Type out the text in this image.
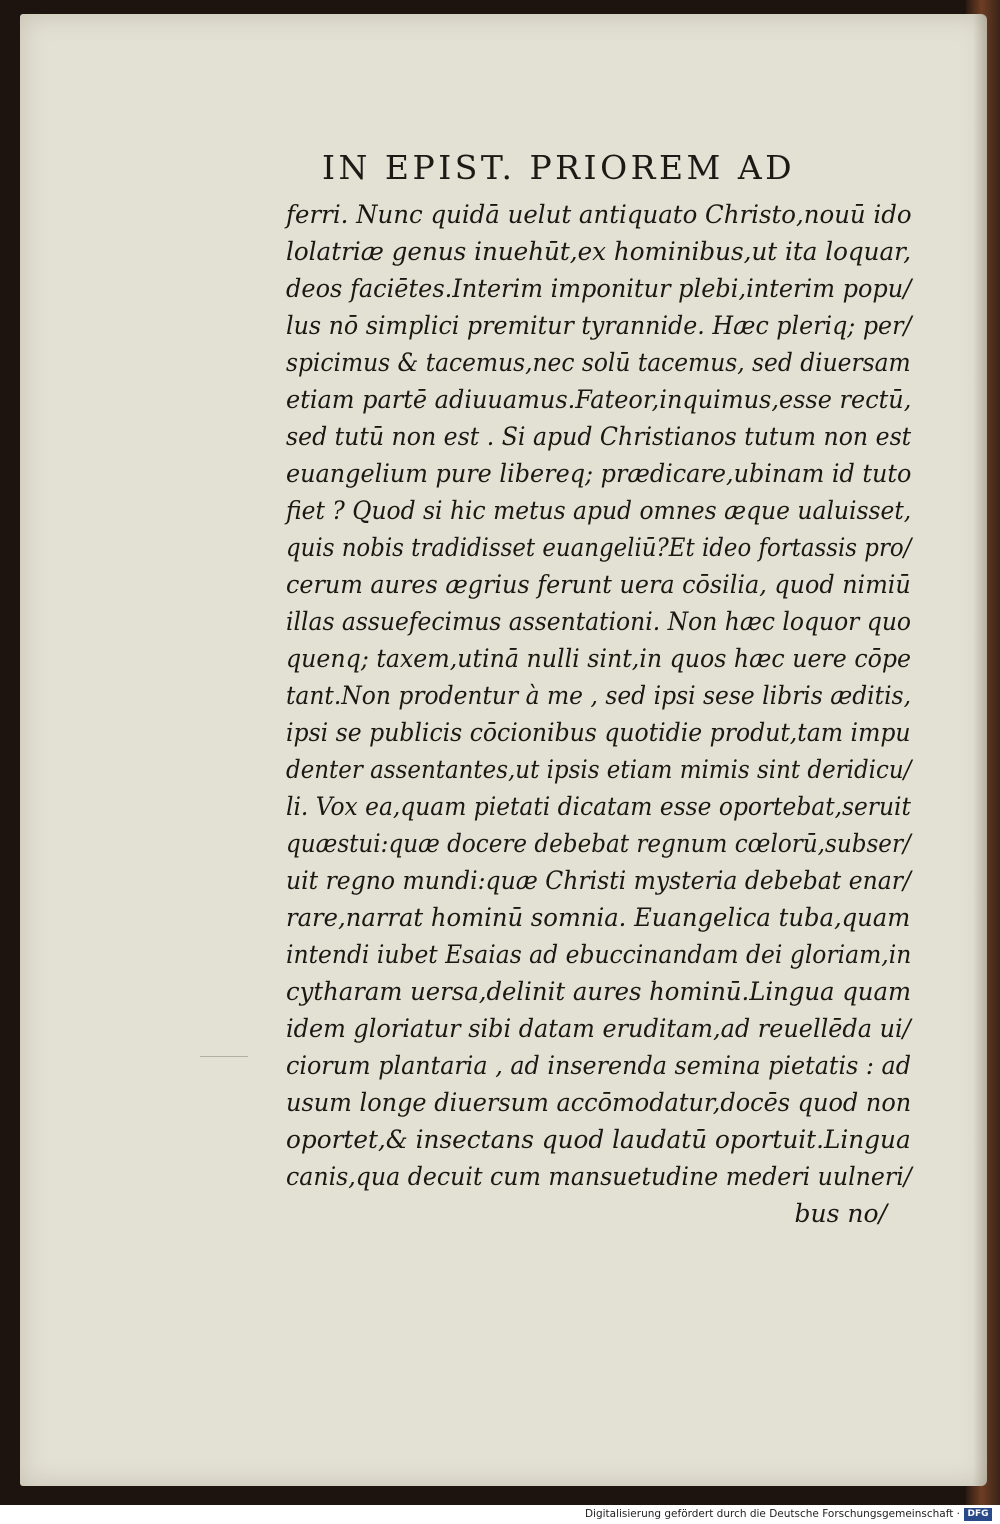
IN EPIST. PRIOREM AD
ferri. Nunc quidā uelut antiquato Christo,nouū ido
lolatriæ genus inuehūt,ex hominibus,ut ita loquar,
deos faciētes.Interim imponitur plebi,interim popu/
lus nō simplici premitur tyrannide. Hæc pleriq; per/
spicimus & tacemus,nec solū tacemus, sed diuersam
etiam partē adiuuamus.Fateor,inquimus,esse rectū,
sed tutū non est . Si apud Christianos tutum non est
euangelium pure libereq; prædicare,ubinam id tuto
fiet ? Quod si hic metus apud omnes æque ualuisset,
quis nobis tradidisset euangeliū?Et ideo fortassis pro/
cerum aures ægrius ferunt uera cōsilia, quod nimiū
illas assuefecimus assentationi. Non hæc loquor quo
quenq; taxem,utinā nulli sint,in quos hæc uere cōpe
tant.Non prodentur à me , sed ipsi sese libris æditis,
ipsi se publicis cōcionibus quotidie produt,tam impu
denter assentantes,ut ipsis etiam mimis sint deridicu/
li. Vox ea,quam pietati dicatam esse oportebat,seruit
quæstui:quæ docere debebat regnum cœlorū,subser/
uit regno mundi:quæ Christi mysteria debebat enar/
rare,narrat hominū somnia. Euangelica tuba,quam
intendi iubet Esaias ad ebuccinandam dei gloriam,in
cytharam uersa,delinit aures hominū.Lingua quam
idem gloriatur sibi datam eruditam,ad reuellēda ui/
ciorum plantaria , ad inserenda semina pietatis : ad
usum longe diuersum accōmodatur,docēs quod non
oportet,& insectans quod laudatū oportuit.Lingua
canis,qua decuit cum mansuetudine mederi uulneri/
bus no/
Digitalisierung gefördert durch die Deutsche Forschungsgemeinschaft · DFG
